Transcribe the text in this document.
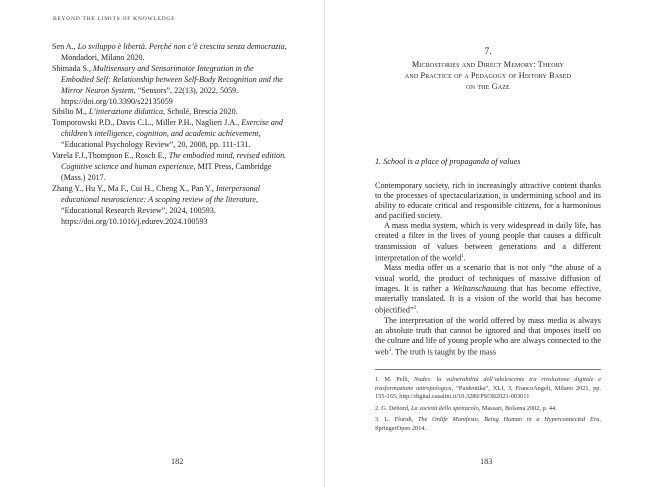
BEYOND THE LIMITS OF KNOWLEDGE

Sen A., Lo sviluppo è libertà. Perché non c’è crescita senza democrazia, Mondadori, Milano 2020.

Shimada S., Multisensory and Sensorimotor Integration in the Embodied Self: Relationship between Self-Body Recognition and the Mirror Neuron System, “Sensors”, 22(13), 2022, 5059. https://doi.org/10.3390/s22135059

Sibilio M., L’interazione didattica, Scholé, Brescia 2020.

Tomporowski P.D., Davis C.L., Miller P.H., Naglieri J.A., Exercise and children’s intelligence, cognition, and academic achievement, “Educational Psychology Review”, 20, 2008, pp. 111-131.

Varela F.J.,Thompson E., Rosch E., The embodied mind, revised edition. Cognitive science and human experience, MIT Press, Cambridge (Mass.) 2017.

Zhang Y., Hu Y., Ma F., Cui H., Cheng X., Pan Y., Interpersonal educational neuroscience: A scoping review of the literature, “Educational Research Review”, 2024, 100593. https://doi.org/10.1016/j.edurev.2024.100593

182
7.
Microstories and Direct Memory: Theory
and Practice of a Pedagogy of History Based
on the Gaze
1. School is a place of propaganda of values

Contemporary society, rich in increasingly attractive content thanks to the processes of spectacularization, is undermining school and its ability to educate critical and responsible citizens, for a harmonious and pacified society.

A mass media system, which is very widespread in daily life, has created a filter in the lives of young people that causes a difficult transmission of values between generations and a different interpretation of the world$^1$.

Mass media offer us a scenario that is not only “the abuse of a visual world, the product of techniques of massive diffusion of images. It is rather a Weltanschauung that has become effective, materially translated. It is a vision of the world that has become objectified”$^2$.

The interpretation of the world offered by mass media is always an absolute truth that cannot be ignored and that imposes itself on the culture and life of young people who are always connected to the web$^3$. The truth is taught by the mass

1. M. Pelli, Nudes: la vulnerabilità dell’adolescente tra rivoluzione digitale e trasformazione antropologica, “Paideutika”, XLI, 3, FrancoAngeli, Milano 2021, pp. 155-165; http://digital.casalini.it/10.3280/PSOB2021-003011

2. G. Debord, La società dello spettacolo, Massari, Bolsena 2002, p. 44.

3. L. Floridi, The Onlife Manifesto, Being Human in a Hyperconnected Era, SpringerOpen 2014.

183
